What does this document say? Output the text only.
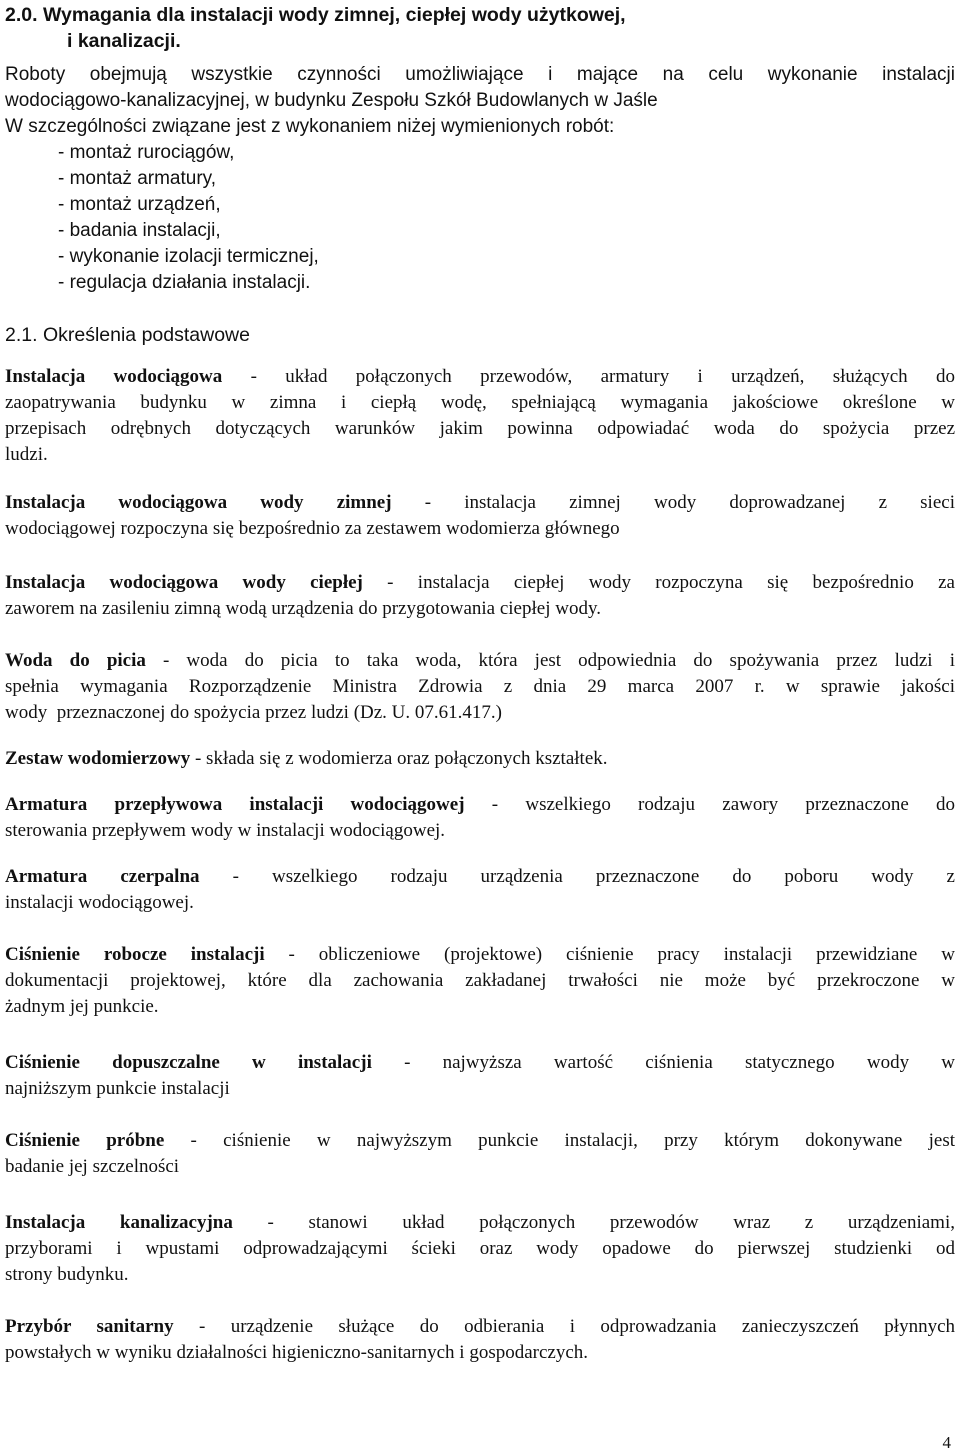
2.0. Wymagania dla instalacji wody zimnej, ciepłej wody użytkowej,
i kanalizacji.
Roboty obejmują wszystkie czynności umożliwiające i mające na celu wykonanie instalacji
wodociągowo-kanalizacyjnej, w budynku Zespołu Szkół Budowlanych w Jaśle
W szczególności związane jest z wykonaniem niżej wymienionych robót:
- montaż rurociągów,
- montaż armatury,
- montaż urządzeń,
- badania instalacji,
- wykonanie izolacji termicznej,
- regulacja działania instalacji.
2.1. Określenia podstawowe

Instalacja wodociągowa - układ połączonych przewodów, armatury i urządzeń, służących do
zaopatrywania budynku w zimna i ciepłą wodę, spełniającą wymagania jakościowe określone w
przepisach odrębnych dotyczących warunków jakim powinna odpowiadać woda do spożycia przez
ludzi.

Instalacja wodociągowa wody zimnej - instalacja zimnej wody doprowadzanej z sieci
wodociągowej rozpoczyna się bezpośrednio za zestawem wodomierza głównego

Instalacja wodociągowa wody ciepłej - instalacja ciepłej wody rozpoczyna się bezpośrednio za
zaworem na zasileniu zimną wodą urządzenia do przygotowania ciepłej wody.

Woda do picia - woda do picia to taka woda, która jest odpowiednia do spożywania przez ludzi i
spełnia wymagania Rozporządzenie Ministra Zdrowia z dnia 29 marca 2007 r. w sprawie jakości
wody  przeznaczonej do spożycia przez ludzi (Dz. U. 07.61.417.)

Zestaw wodomierzowy - składa się z wodomierza oraz połączonych kształtek.

Armatura przepływowa instalacji wodociągowej - wszelkiego rodzaju zawory przeznaczone do
sterowania przepływem wody w instalacji wodociągowej.

Armatura czerpalna - wszelkiego rodzaju urządzenia przeznaczone do poboru wody z
instalacji wodociągowej.

Ciśnienie robocze instalacji - obliczeniowe (projektowe) ciśnienie pracy instalacji przewidziane w
dokumentacji projektowej, które dla zachowania zakładanej trwałości nie może być przekroczone w
żadnym jej punkcie.

Ciśnienie dopuszczalne w instalacji - najwyższa wartość ciśnienia statycznego wody w
najniższym punkcie instalacji

Ciśnienie próbne - ciśnienie w najwyższym punkcie instalacji, przy którym dokonywane jest
badanie jej szczelności

Instalacja kanalizacyjna - stanowi układ połączonych przewodów wraz z urządzeniami,
przyborami i wpustami odprowadzającymi ścieki oraz wody opadowe do pierwszej studzienki od
strony budynku.

Przybór sanitarny - urządzenie służące do odbierania i odprowadzania zanieczyszczeń płynnych
powstałych w wyniku działalności higieniczno-sanitarnych i gospodarczych.

4
